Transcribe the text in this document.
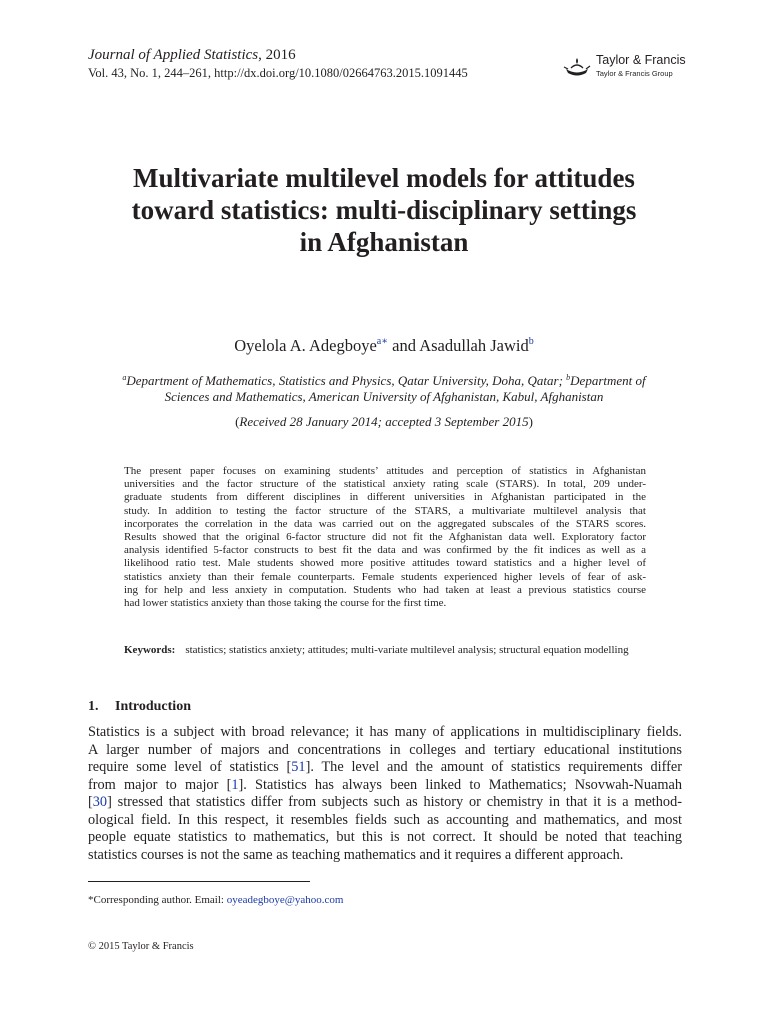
Journal of Applied Statistics, 2016
Vol. 43, No. 1, 244–261, http://dx.doi.org/10.1080/02664763.2015.1091445
Taylor & Francis
Taylor & Francis Group
Multivariate multilevel models for attitudes
toward statistics: multi-disciplinary settings
in Afghanistan
Oyelola A. Adegboye$^{a∗}$ and Asadullah Jawid$^b$
$^a$Department of Mathematics, Statistics and Physics, Qatar University, Doha, Qatar; $^b$Department of
Sciences and Mathematics, American University of Afghanistan, Kabul, Afghanistan
(Received 28 January 2014; accepted 3 September 2015)
The present paper focuses on examining students’ attitudes and perception of statistics in Afghanistan
universities and the factor structure of the statistical anxiety rating scale (STARS). In total, 209 under-
graduate students from different disciplines in different universities in Afghanistan participated in the
study. In addition to testing the factor structure of the STARS, a multivariate multilevel analysis that
incorporates the correlation in the data was carried out on the aggregated subscales of the STARS scores.
Results showed that the original 6-factor structure did not fit the Afghanistan data well. Exploratory factor
analysis identified 5-factor constructs to best fit the data and was confirmed by the fit indices as well as a
likelihood ratio test. Male students showed more positive attitudes toward statistics and a higher level of
statistics anxiety than their female counterparts. Female students experienced higher levels of fear of ask-
ing for help and less anxiety in computation. Students who had taken at least a previous statistics course
had lower statistics anxiety than those taking the course for the first time.
Keywords: statistics; statistics anxiety; attitudes; multi-variate multilevel analysis; structural equation modelling
1. Introduction
Statistics is a subject with broad relevance; it has many of applications in multidisciplinary fields.
A larger number of majors and concentrations in colleges and tertiary educational institutions
require some level of statistics [51]. The level and the amount of statistics requirements differ
from major to major [1]. Statistics has always been linked to Mathematics; Nsovwah-Nuamah
[30] stressed that statistics differ from subjects such as history or chemistry in that it is a method-
ological field. In this respect, it resembles fields such as accounting and mathematics, and most
people equate statistics to mathematics, but this is not correct. It should be noted that teaching
statistics courses is not the same as teaching mathematics and it requires a different approach.
*Corresponding author. Email: oyeadegboye@yahoo.com
© 2015 Taylor & Francis
